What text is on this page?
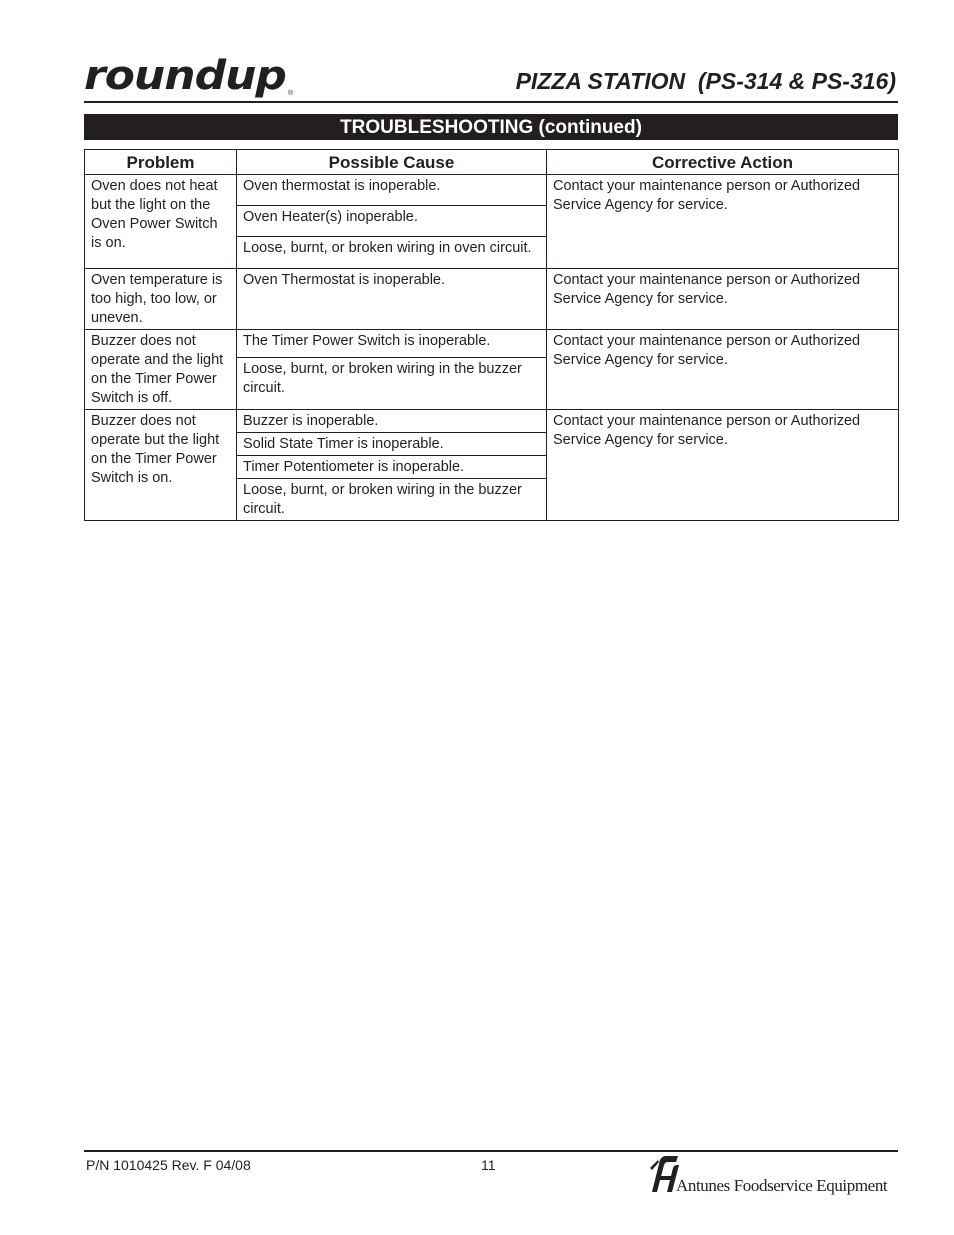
roundup ®	PIZZA STATION  (PS-314 & PS-316)
TROUBLESHOOTING (continued)
Problem	Possible Cause	Corrective Action
Oven does not heat but the light on the Oven Power Switch is on.	Oven thermostat is inoperable.	Contact your maintenance person or Authorized Service Agency for service.
	Oven Heater(s) inoperable.	
	Loose, burnt, or broken wiring in oven circuit.	
Oven temperature is too high, too low, or uneven.	Oven Thermostat is inoperable.	Contact your maintenance person or Authorized Service Agency for service.
Buzzer does not operate and the light on the Timer Power Switch is off.	The Timer Power Switch is inoperable.	Contact your maintenance person or Authorized Service Agency for service.
	Loose, burnt, or broken wiring in the buzzer circuit.	
Buzzer does not operate but the light on the Timer Power Switch is on.	Buzzer is inoperable.	Contact your maintenance person or Authorized Service Agency for service.
	Solid State Timer is inoperable.	
	Timer Potentiometer is inoperable.	
	Loose, burnt, or broken wiring in the buzzer circuit.	
P/N 1010425 Rev. F 04/08	11
Antunes Foodservice Equipment
